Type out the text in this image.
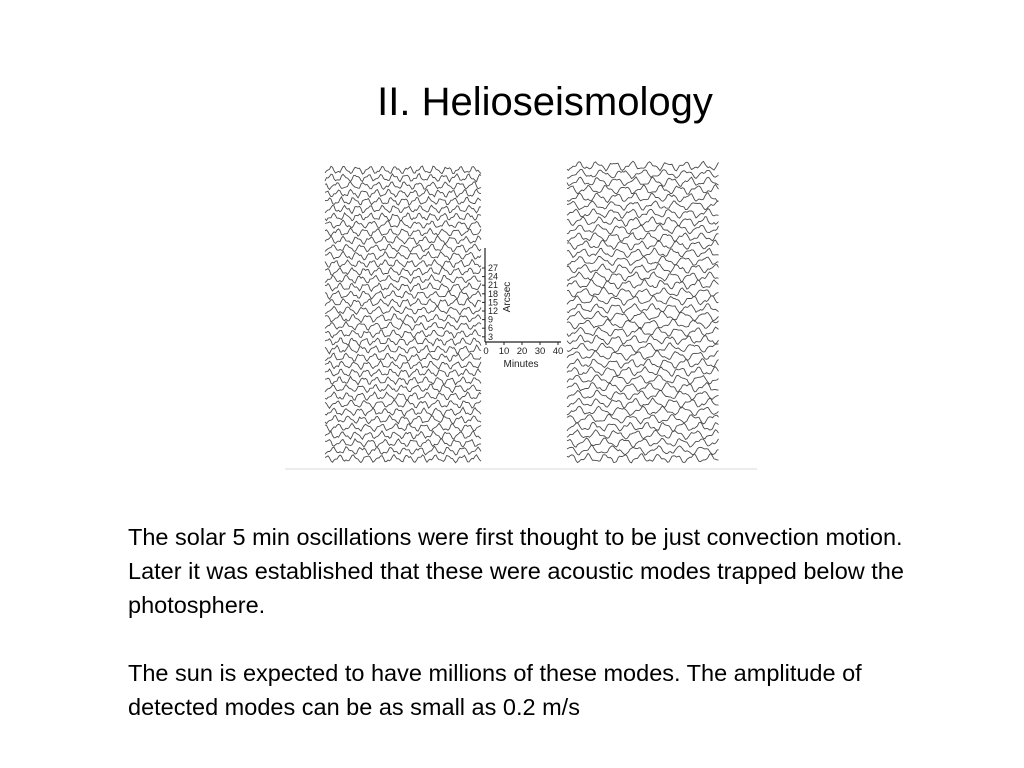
II. Helioseismology
27
24
21
18
15
12
9
6
3
0 10 20 30 40
Arcsec
Minutes

The solar 5 min oscillations were first thought to be just convection motion. Later it was established that these were acoustic modes trapped below the photosphere.

The sun is expected to have millions of these modes. The amplitude of detected modes can be as small as 0.2 m/s
